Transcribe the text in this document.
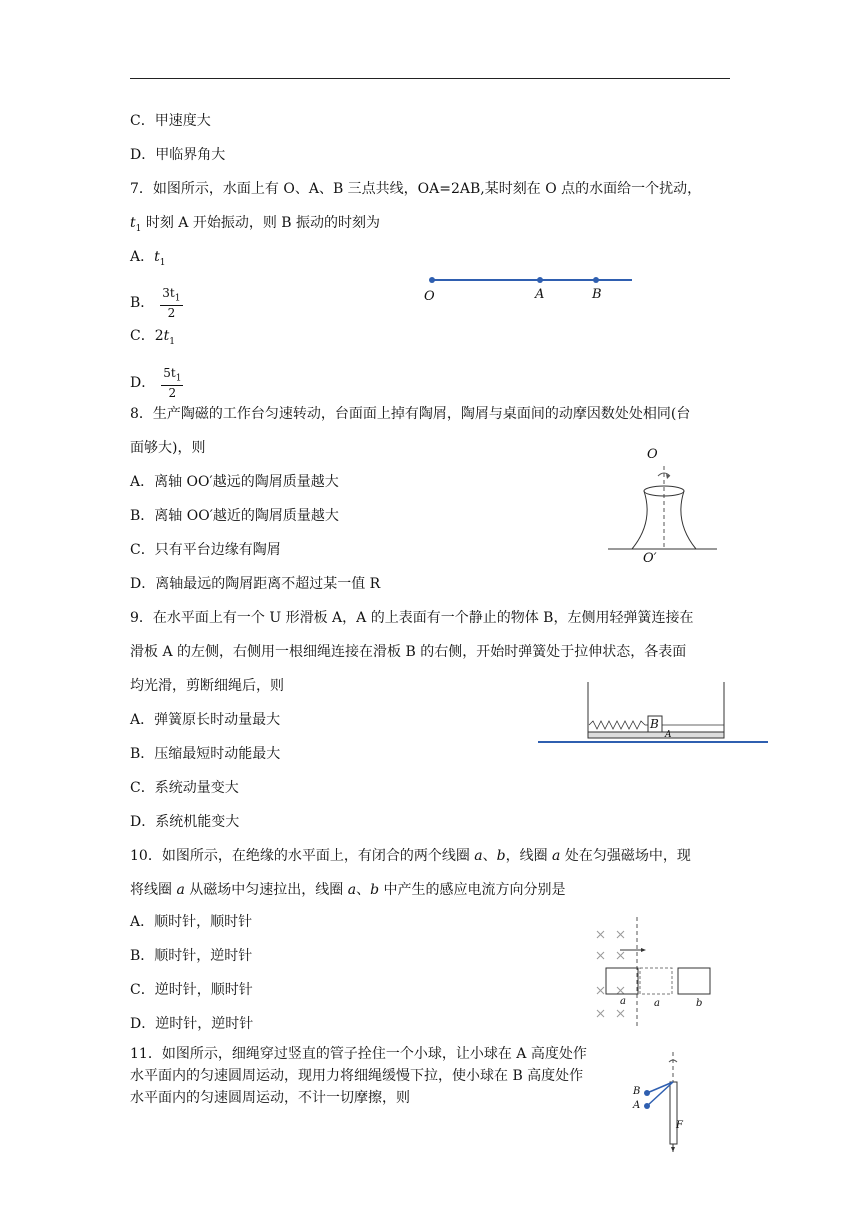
C．甲速度大
D．甲临界角大
7．如图所示，水面上有 O、A、B 三点共线，OA=2AB,某时刻在 O 点的水面给一个扰动，
$t_1$ 时刻 A 开始振动，则 B 振动的时刻为
A．$t_1$
B． $\frac{3t_1}{2}$
C．$2t_1$
D． $\frac{5t_1}{2}$
O	A	B
8．生产陶磁的工作台匀速转动，台面面上掉有陶屑，陶屑与桌面间的动摩因数处处相同(台
面够大)，则
A．离轴 OO′越远的陶屑质量越大
B．离轴 OO′越近的陶屑质量越大
C．只有平台边缘有陶屑
D．离轴最远的陶屑距离不超过某一值 R
O
O′
9．在水平面上有一个 U 形滑板 A，A 的上表面有一个静止的物体 B，左侧用轻弹簧连接在
滑板 A 的左侧，右侧用一根细绳连接在滑板 B 的右侧，开始时弹簧处于拉伸状态，各表面
均光滑，剪断细绳后，则
A．弹簧原长时动量最大
B．压缩最短时动能最大
C．系统动量变大
D．系统机能变大
B
A
10．如图所示，在绝缘的水平面上，有闭合的两个线圈 a、b，线圈 a 处在匀强磁场中，现
将线圈 a 从磁场中匀速拉出，线圈 a、b 中产生的感应电流方向分别是
A．顺时针，顺时针
B．顺时针，逆时针
C．逆时针，顺时针
D．逆时针，逆时针
a	a	b
11．如图所示，细绳穿过竖直的管子拴住一个小球，让小球在 A 高度处作
水平面内的匀速圆周运动，现用力将细绳缓慢下拉，使小球在 B 高度处作
水平面内的匀速圆周运动，不计一切摩擦，则	B
A
F
